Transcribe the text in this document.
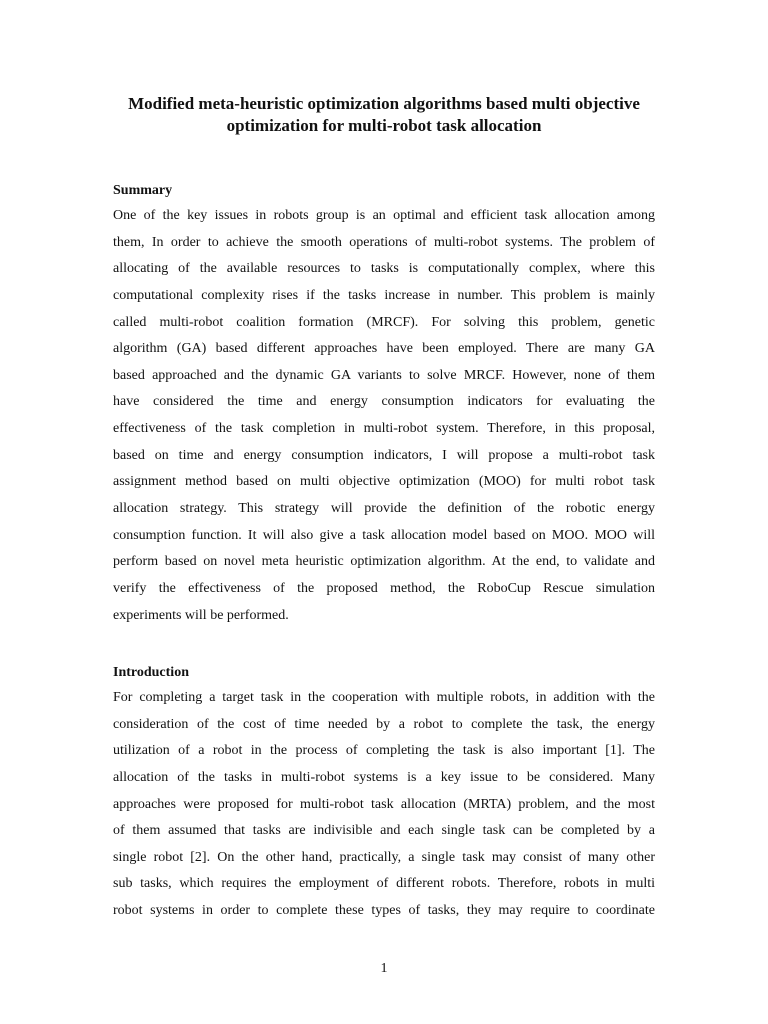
Modified meta-heuristic optimization algorithms based multi objective
optimization for multi-robot task allocation
Summary
One of the key issues in robots group is an optimal and efficient task allocation among
them, In order to achieve the smooth operations of multi-robot systems. The problem of
allocating of the available resources to tasks is computationally complex, where this
computational complexity rises if the tasks increase in number. This problem is mainly
called multi-robot coalition formation (MRCF). For solving this problem, genetic
algorithm (GA) based different approaches have been employed. There are many GA
based approached and the dynamic GA variants to solve MRCF. However, none of them
have considered the time and energy consumption indicators for evaluating the
effectiveness of the task completion in multi-robot system. Therefore, in this proposal,
based on time and energy consumption indicators, I will propose a multi-robot task
assignment method based on multi objective optimization (MOO) for multi robot task
allocation strategy. This strategy will provide the definition of the robotic energy
consumption function. It will also give a task allocation model based on MOO. MOO will
perform based on novel meta heuristic optimization algorithm. At the end, to validate and
verify the effectiveness of the proposed method, the RoboCup Rescue simulation
experiments will be performed.
Introduction
For completing a target task in the cooperation with multiple robots, in addition with the
consideration of the cost of time needed by a robot to complete the task, the energy
utilization of a robot in the process of completing the task is also important [1]. The
allocation of the tasks in multi-robot systems is a key issue to be considered. Many
approaches were proposed for multi-robot task allocation (MRTA) problem, and the most
of them assumed that tasks are indivisible and each single task can be completed by a
single robot [2]. On the other hand, practically, a single task may consist of many other
sub tasks, which requires the employment of different robots. Therefore, robots in multi
robot systems in order to complete these types of tasks, they may require to coordinate
1
